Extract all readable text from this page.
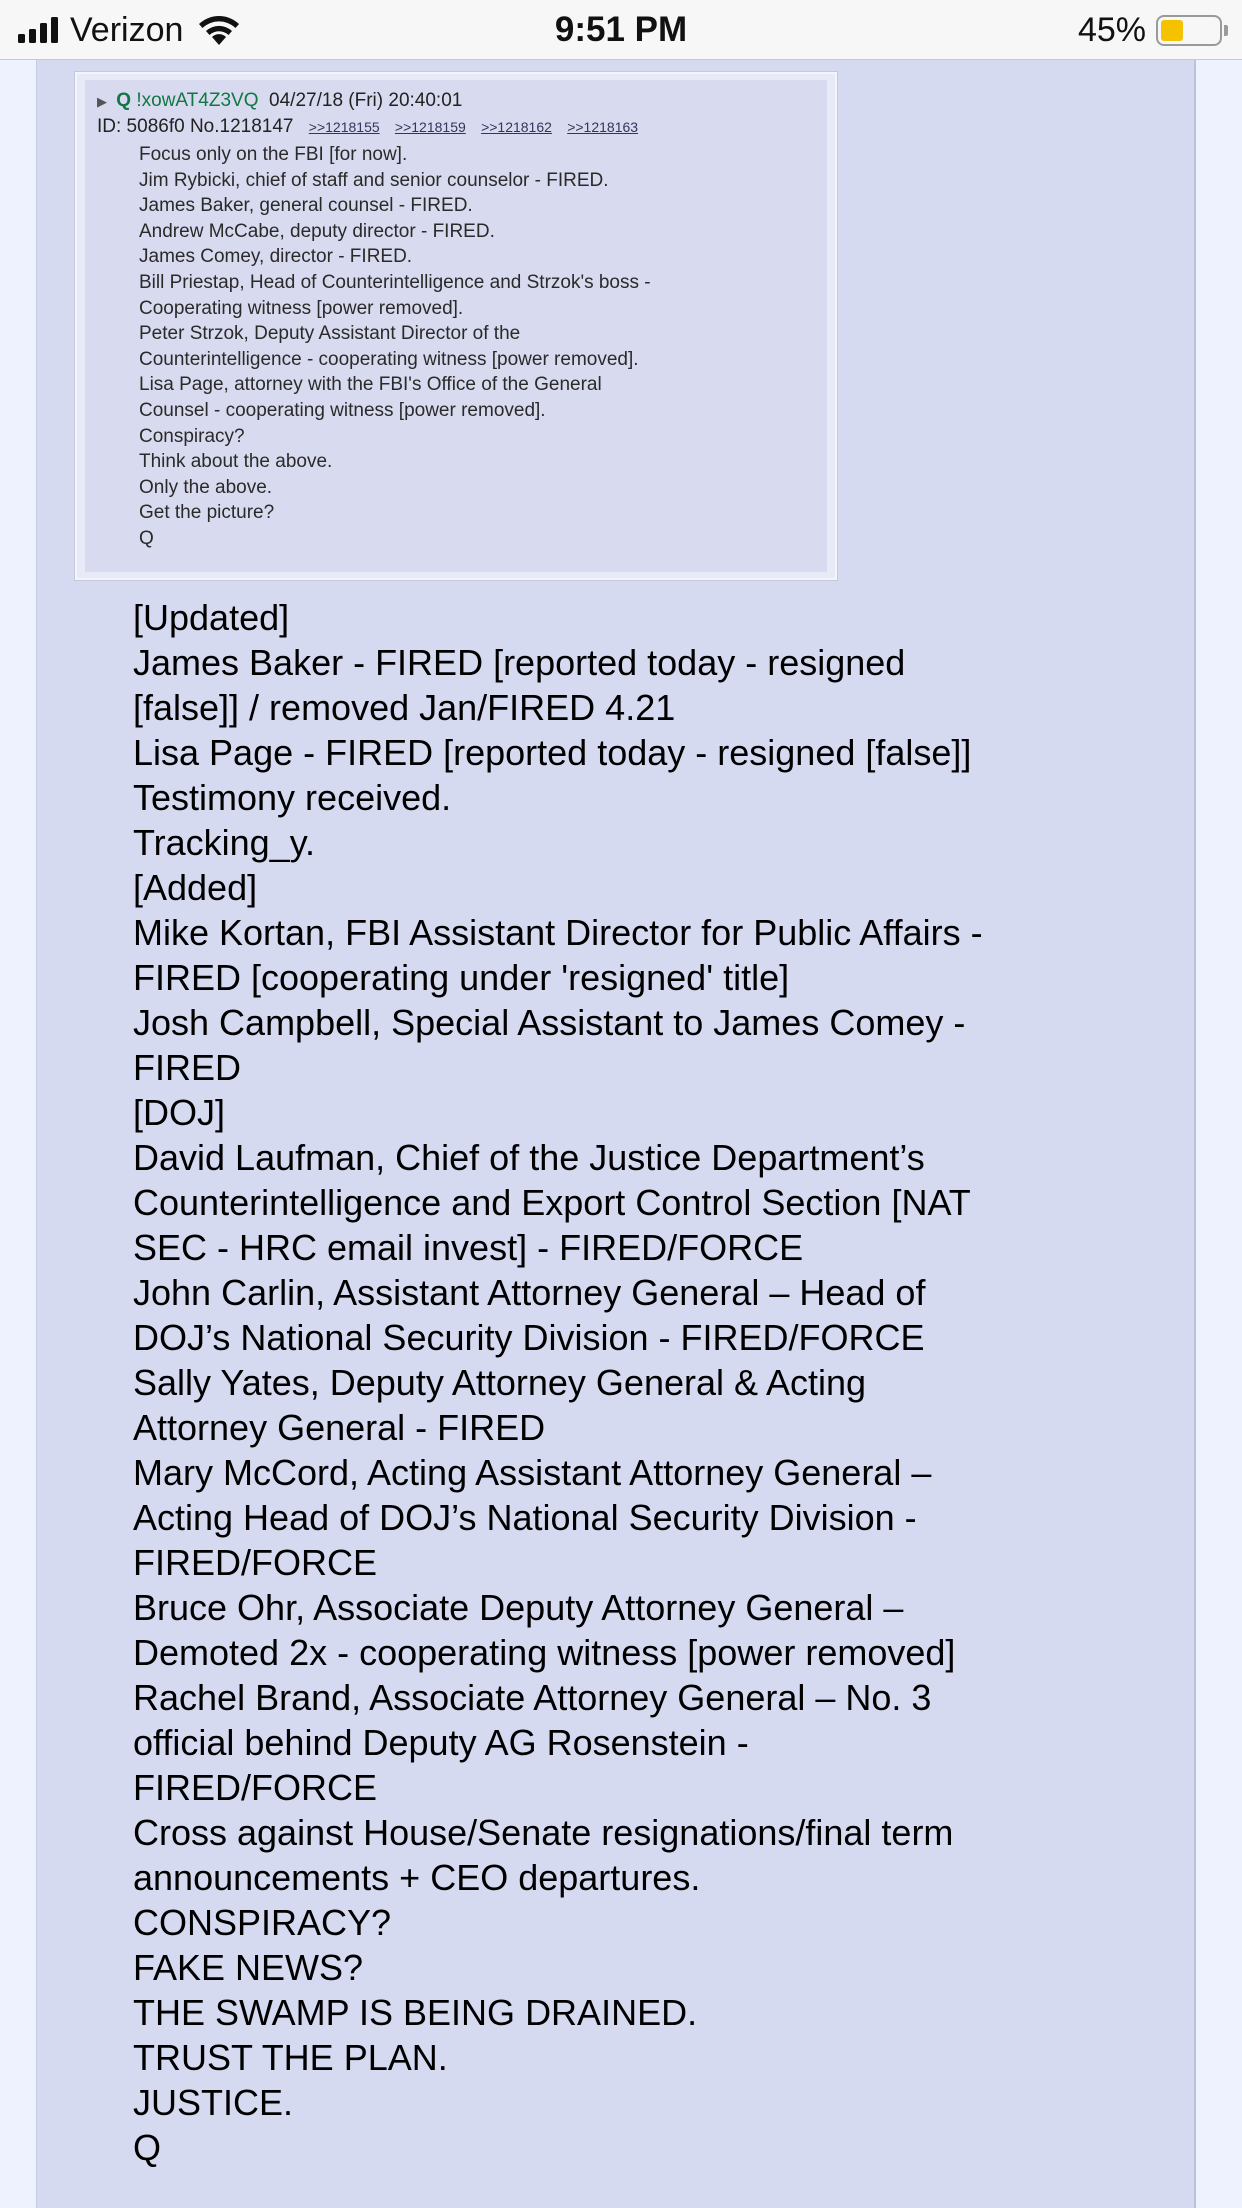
Verizon	9:51 PM	45%
▶ Q !xowAT4Z3VQ 04/27/18 (Fri) 20:40:01
ID: 5086f0 No.1218147 >>1218155 >>1218159 >>1218162 >>1218163
Focus only on the FBI [for now].
Jim Rybicki, chief of staff and senior counselor - FIRED.
James Baker, general counsel - FIRED.
Andrew McCabe, deputy director - FIRED.
James Comey, director - FIRED.
Bill Priestap, Head of Counterintelligence and Strzok's boss -
Cooperating witness [power removed].
Peter Strzok, Deputy Assistant Director of the
Counterintelligence - cooperating witness [power removed].
Lisa Page, attorney with the FBI's Office of the General
Counsel - cooperating witness [power removed].
Conspiracy?
Think about the above.
Only the above.
Get the picture?
Q
[Updated]
James Baker - FIRED [reported today - resigned
[false]] / removed Jan/FIRED 4.21
Lisa Page - FIRED [reported today - resigned [false]]
Testimony received.
Tracking_y.
[Added]
Mike Kortan, FBI Assistant Director for Public Affairs -
FIRED [cooperating under 'resigned' title]
Josh Campbell, Special Assistant to James Comey -
FIRED
[DOJ]
David Laufman, Chief of the Justice Department’s
Counterintelligence and Export Control Section [NAT
SEC - HRC email invest] - FIRED/FORCE
John Carlin, Assistant Attorney General – Head of
DOJ’s National Security Division - FIRED/FORCE
Sally Yates, Deputy Attorney General & Acting
Attorney General - FIRED
Mary McCord, Acting Assistant Attorney General –
Acting Head of DOJ’s National Security Division -
FIRED/FORCE
Bruce Ohr, Associate Deputy Attorney General –
Demoted 2x - cooperating witness [power removed]
Rachel Brand, Associate Attorney General – No. 3
official behind Deputy AG Rosenstein -
FIRED/FORCE
Cross against House/Senate resignations/final term
announcements + CEO departures.
CONSPIRACY?
FAKE NEWS?
THE SWAMP IS BEING DRAINED.
TRUST THE PLAN.
JUSTICE.
Q
